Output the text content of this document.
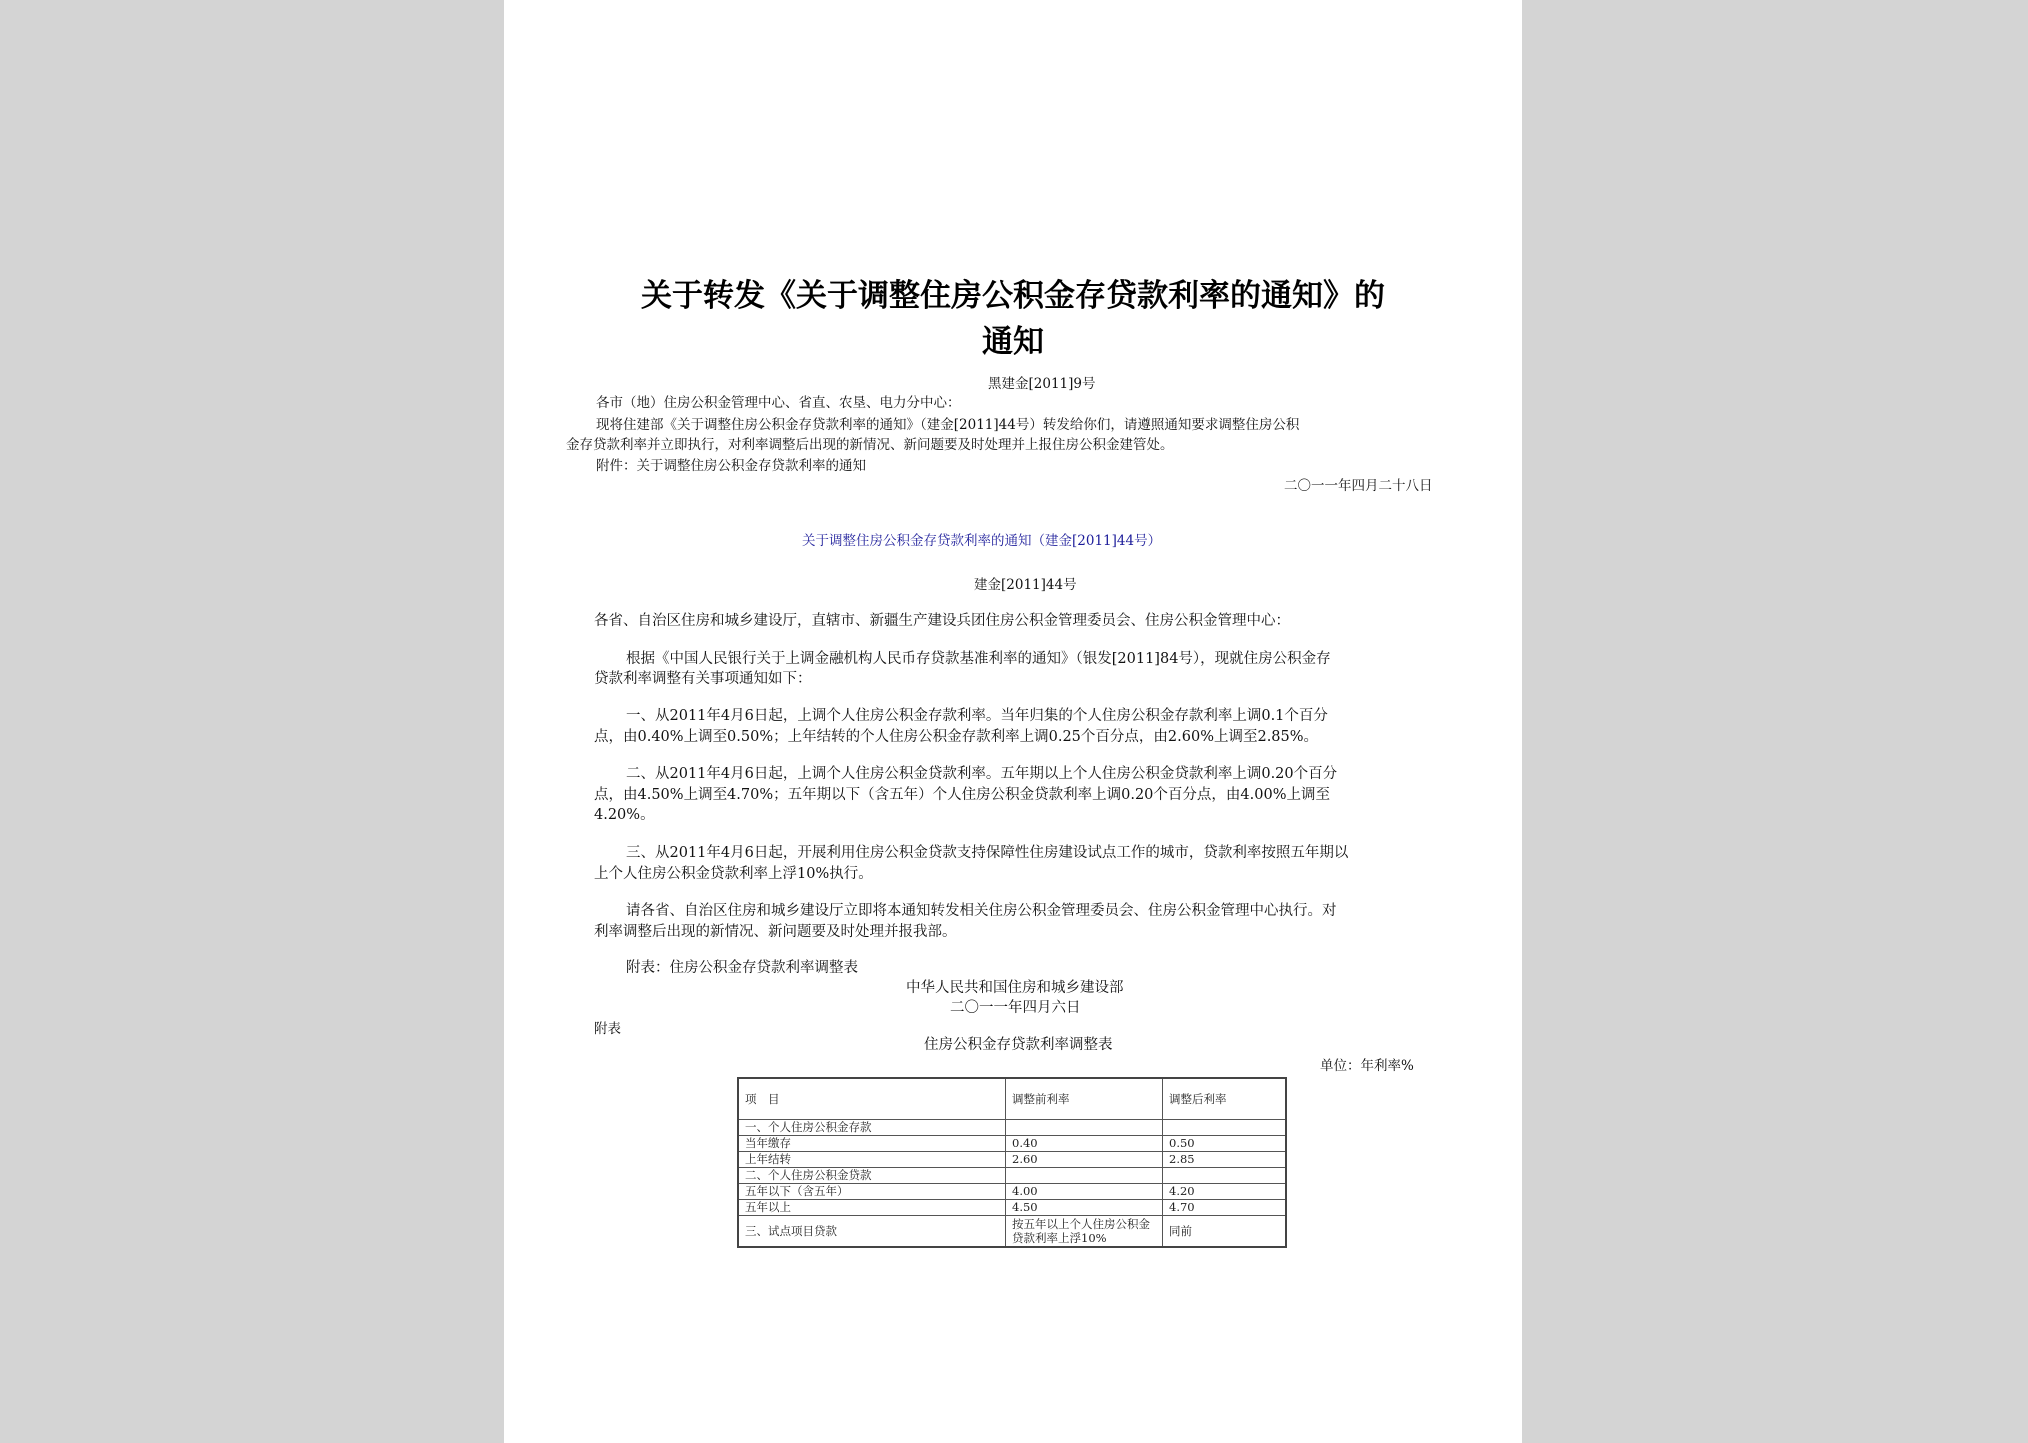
关于转发《关于调整住房公积金存贷款利率的通知》的
通知
黑建金[2011]9号
各市（地）住房公积金管理中心、省直、农垦、电力分中心：
现将住建部《关于调整住房公积金存贷款利率的通知》（建金[2011]44号）转发给你们，请遵照通知要求调整住房公积
金存贷款利率并立即执行，对利率调整后出现的新情况、新问题要及时处理并上报住房公积金建管处。
附件：关于调整住房公积金存贷款利率的通知
二〇一一年四月二十八日
关于调整住房公积金存贷款利率的通知（建金[2011]44号）
建金[2011]44号
各省、自治区住房和城乡建设厅，直辖市、新疆生产建设兵团住房公积金管理委员会、住房公积金管理中心：
根据《中国人民银行关于上调金融机构人民币存贷款基准利率的通知》（银发[2011]84号），现就住房公积金存
贷款利率调整有关事项通知如下：
一、从2011年4月6日起，上调个人住房公积金存款利率。当年归集的个人住房公积金存款利率上调0.1个百分
点，由0.40%上调至0.50%；上年结转的个人住房公积金存款利率上调0.25个百分点，由2.60%上调至2.85%。
二、从2011年4月6日起，上调个人住房公积金贷款利率。五年期以上个人住房公积金贷款利率上调0.20个百分
点，由4.50%上调至4.70%；五年期以下（含五年）个人住房公积金贷款利率上调0.20个百分点，由4.00%上调至
4.20%。
三、从2011年4月6日起，开展利用住房公积金贷款支持保障性住房建设试点工作的城市，贷款利率按照五年期以
上个人住房公积金贷款利率上浮10%执行。
请各省、自治区住房和城乡建设厅立即将本通知转发相关住房公积金管理委员会、住房公积金管理中心执行。对
利率调整后出现的新情况、新问题要及时处理并报我部。
附表：住房公积金存贷款利率调整表
中华人民共和国住房和城乡建设部
二〇一一年四月六日
附表
住房公积金存贷款利率调整表
单位：年利率%
项　目	调整前利率	调整后利率
一、个人住房公积金存款		
当年缴存	0.40	0.50
上年结转	2.60	2.85
二、个人住房公积金贷款		
五年以下（含五年）	4.00	4.20
五年以上	4.50	4.70
三、试点项目贷款	按五年以上个人住房公积金贷款利率上浮10%	同前
